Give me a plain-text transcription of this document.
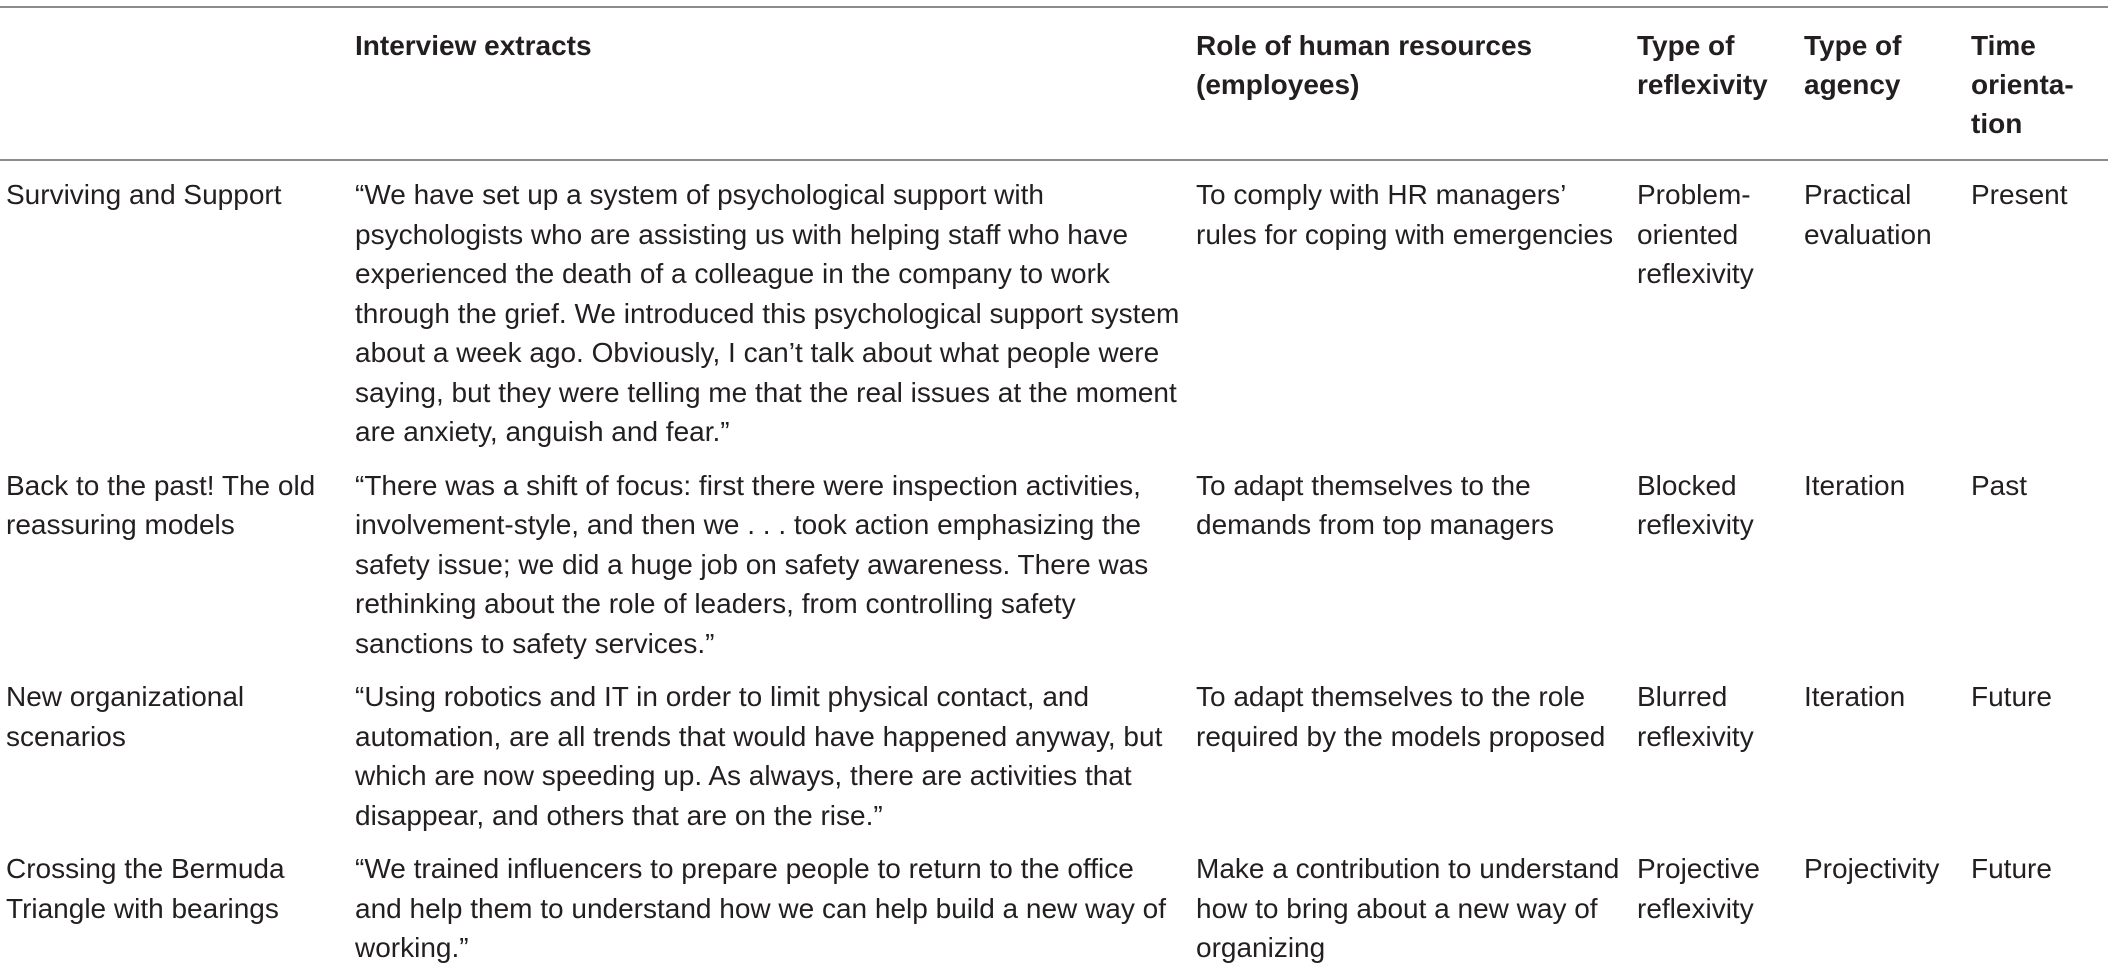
	Interview extracts	Role of human resources (employees)	Type of reflexivity	Type of agency	Time orienta-tion
Surviving and Support	“We have set up a system of psychological support with psychologists who are assisting us with helping staff who have experienced the death of a colleague in the company to work through the grief. We introduced this psychological support system about a week ago. Obviously, I can’t talk about what people were saying, but they were telling me that the real issues at the moment are anxiety, anguish and fear.”	To comply with HR managers’ rules for coping with emergencies	Problem-oriented reflexivity	Practical evaluation	Present
Back to the past! The old reassuring models	“There was a shift of focus: first there were inspection activities, involvement-style, and then we . . . took action emphasizing the safety issue; we did a huge job on safety awareness. There was rethinking about the role of leaders, from controlling safety sanctions to safety services.”	To adapt themselves to the demands from top managers	Blocked reflexivity	Iteration	Past
New organizational scenarios	“Using robotics and IT in order to limit physical contact, and automation, are all trends that would have happened anyway, but which are now speeding up. As always, there are activities that disappear, and others that are on the rise.”	To adapt themselves to the role required by the models proposed	Blurred reflexivity	Iteration	Future
Crossing the Bermuda Triangle with bearings	“We trained influencers to prepare people to return to the office and help them to understand how we can help build a new way of working.”	Make a contribution to understand how to bring about a new way of organizing	Projective reflexivity	Projectivity	Future
